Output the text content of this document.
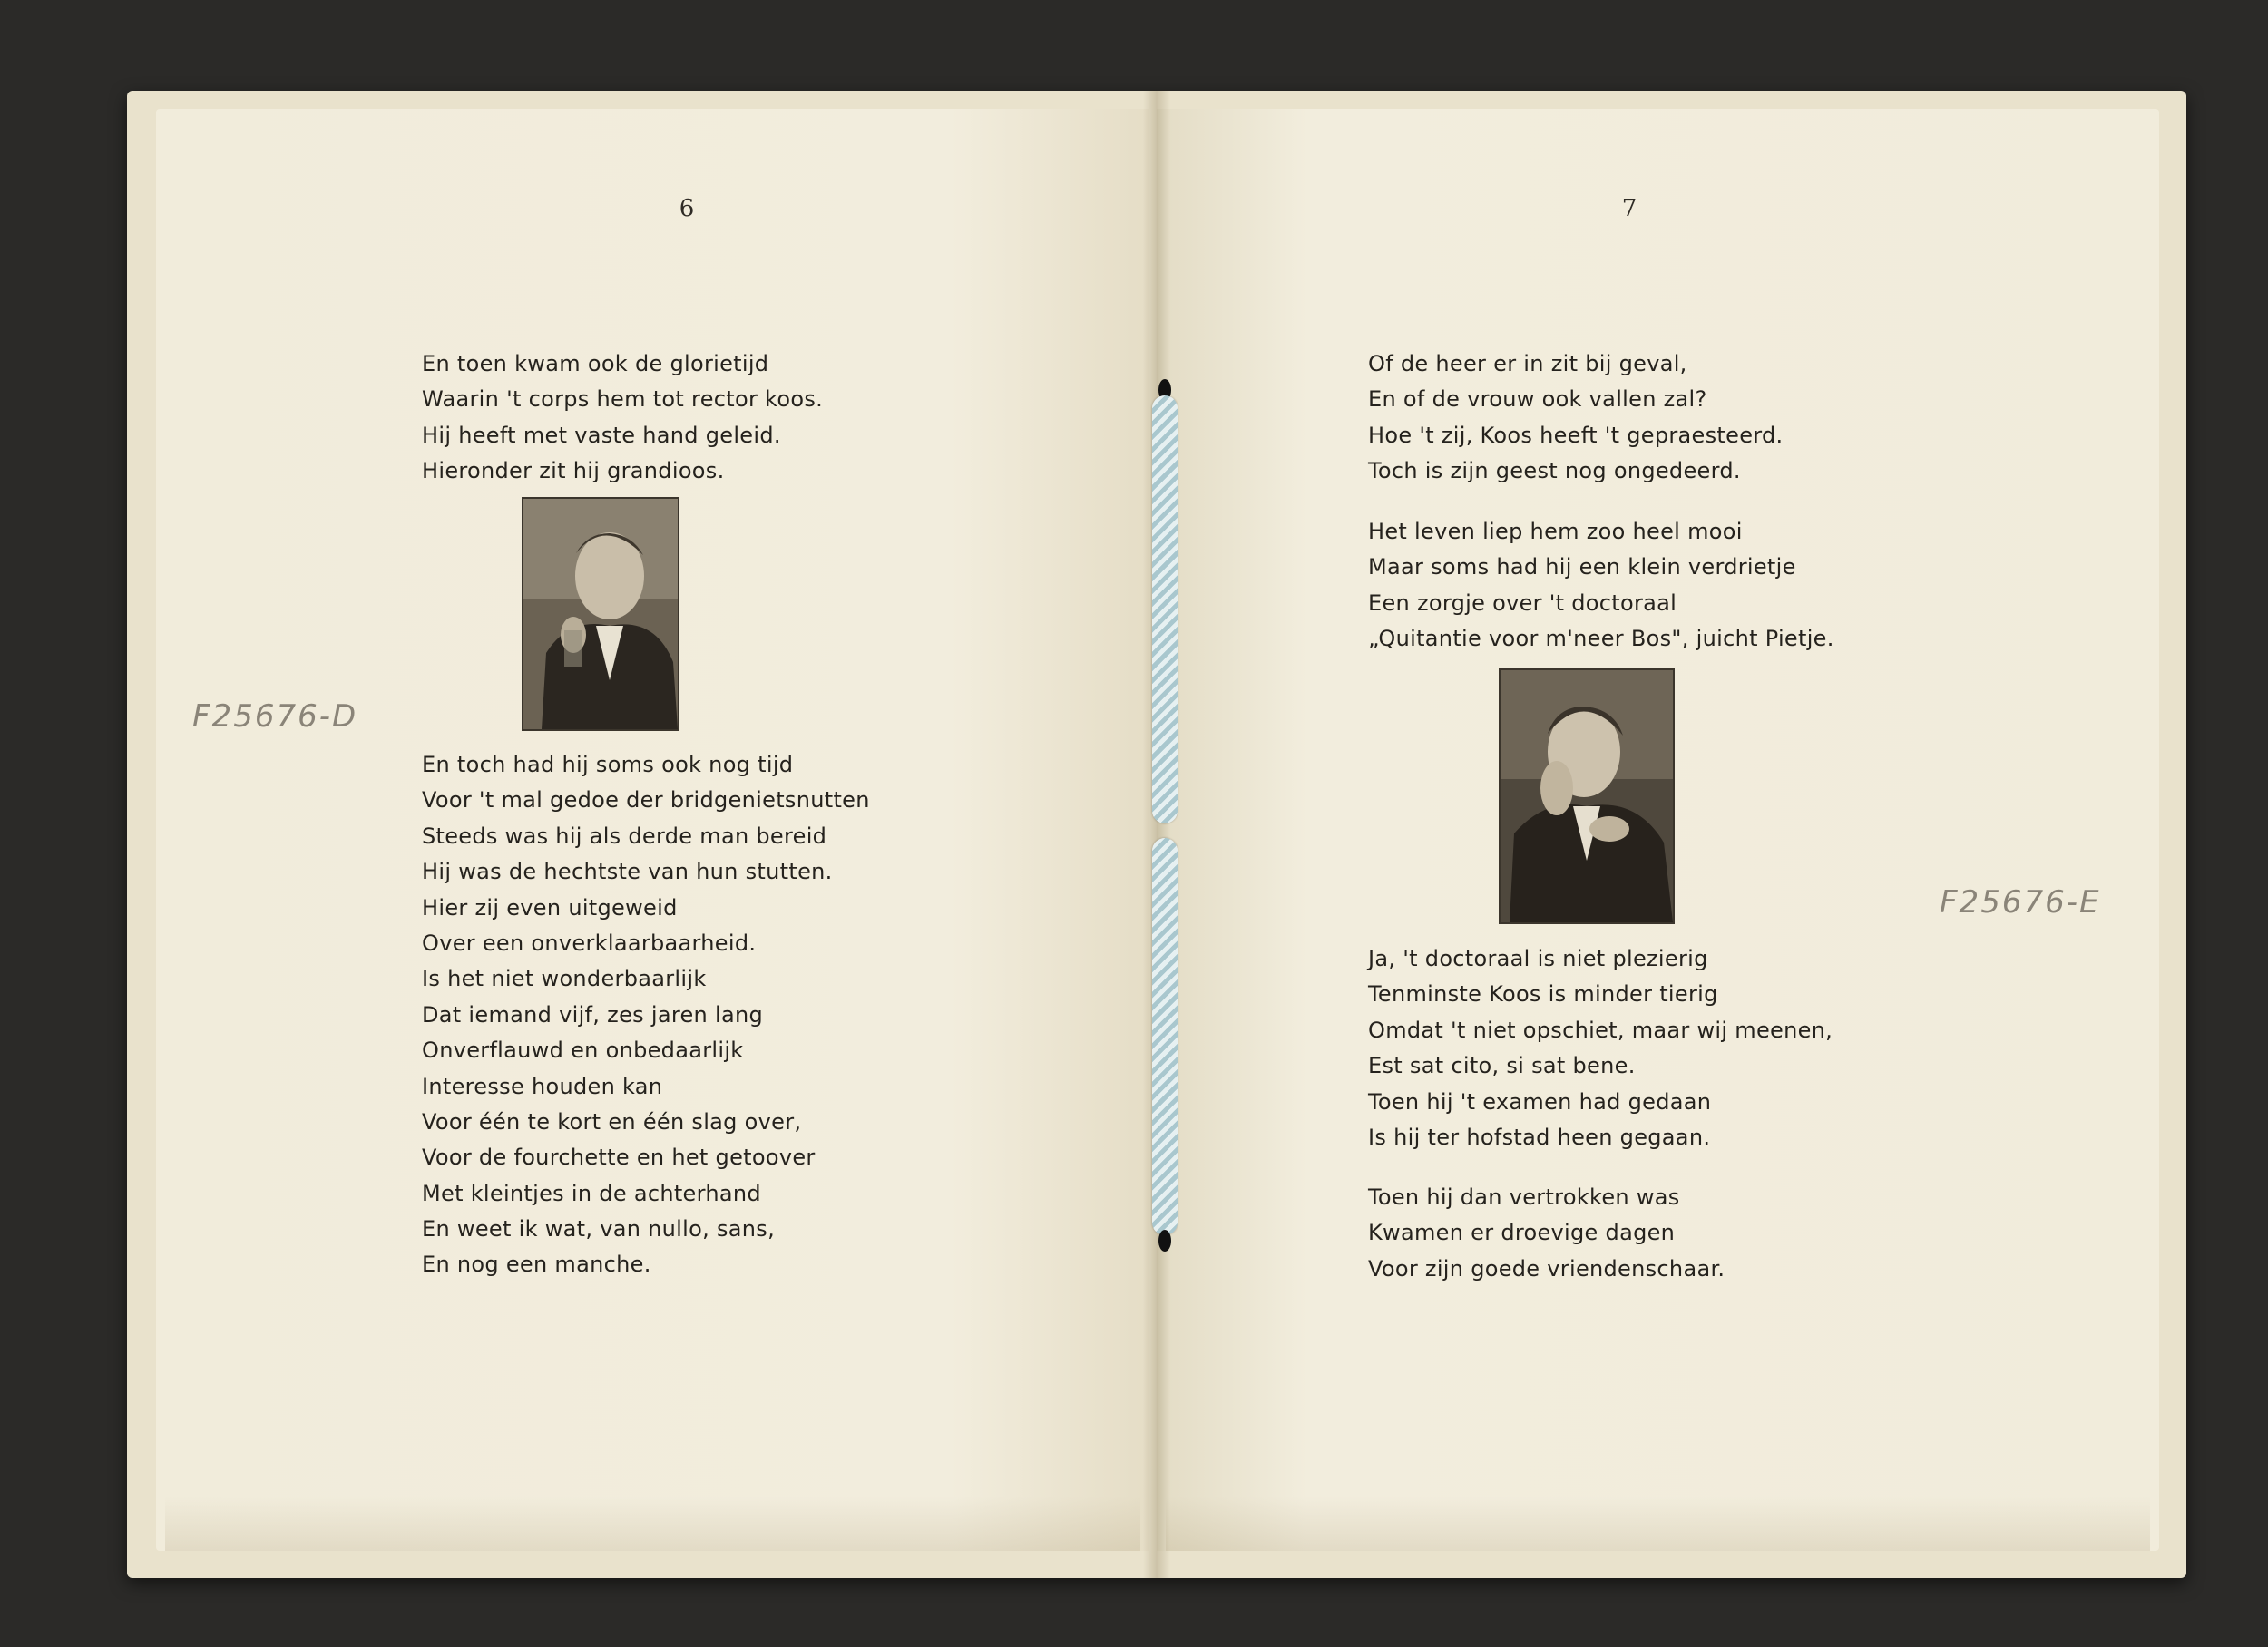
6
En toen kwam ook de glorietijd
Waarin 't corps hem tot rector koos.
Hij heeft met vaste hand geleid.
Hieronder zit hij grandioos.
En toch had hij soms ook nog tijd
Voor 't mal gedoe der bridgenietsnutten
Steeds was hij als derde man bereid
Hij was de hechtste van hun stutten.
Hier zij even uitgeweid
Over een onverklaarbaarheid.
Is het niet wonderbaarlijk
Dat iemand vijf, zes jaren lang
Onverflauwd en onbedaarlijk
Interesse houden kan
Voor één te kort en één slag over,
Voor de fourchette en het getoover
Met kleintjes in de achterhand
En weet ik wat, van nullo, sans,
En nog een manche.
F25676-D
7
Of de heer er in zit bij geval,
En of de vrouw ook vallen zal?
Hoe 't zij, Koos heeft 't gepraesteerd.
Toch is zijn geest nog ongedeerd.
Het leven liep hem zoo heel mooi
Maar soms had hij een klein verdrietje
Een zorgje over 't doctoraal
„Quitantie voor m'neer Bos", juicht Pietje.
Ja, 't doctoraal is niet plezierig
Tenminste Koos is minder tierig
Omdat 't niet opschiet, maar wij meenen,
Est sat cito, si sat bene.
Toen hij 't examen had gedaan
Is hij ter hofstad heen gegaan.
Toen hij dan vertrokken was
Kwamen er droevige dagen
Voor zijn goede vriendenschaar.
F25676-E
